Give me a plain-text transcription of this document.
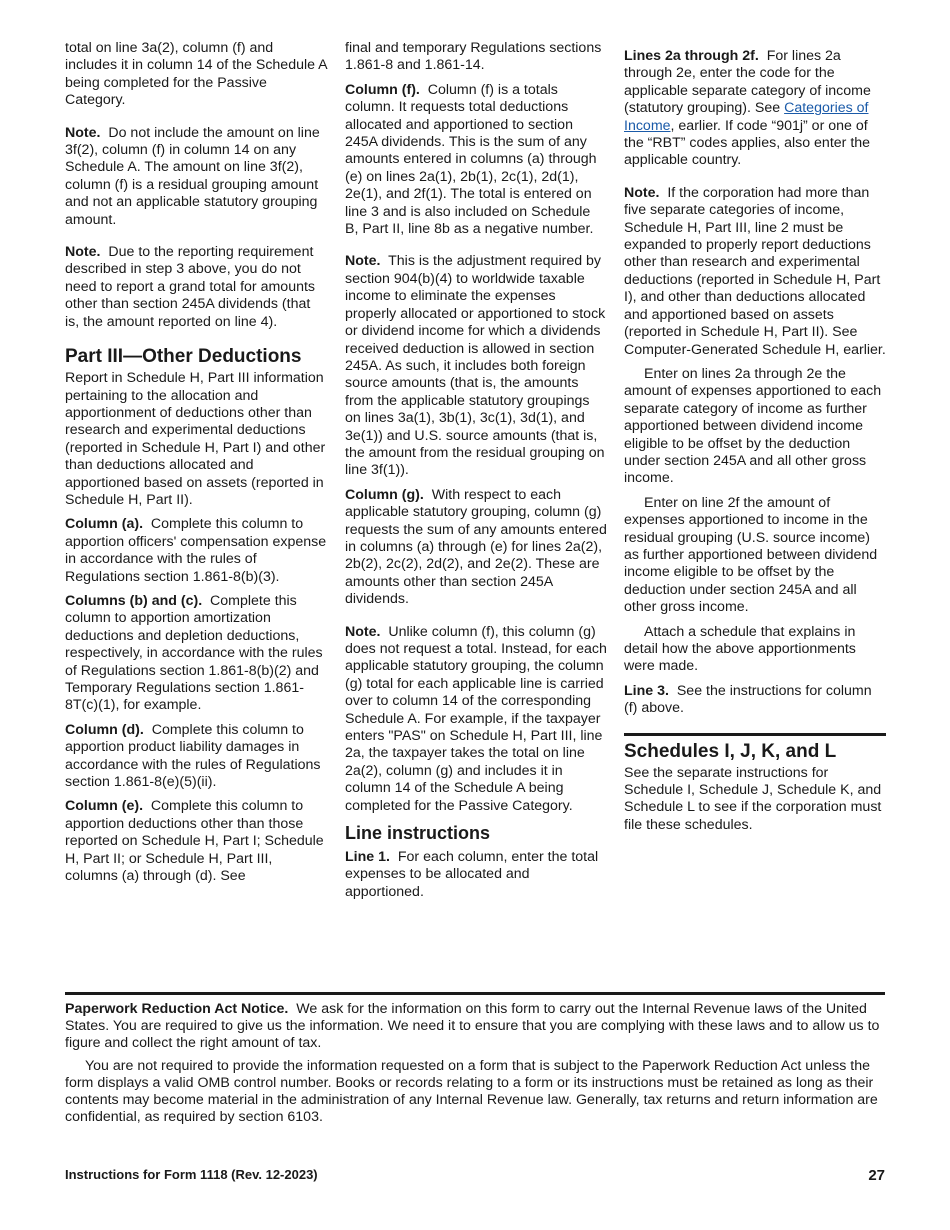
total on line 3a(2), column (f) and includes it in column 14 of the Schedule A being completed for the Passive Category.

Note. Do not include the amount on line 3f(2), column (f) in column 14 on any Schedule A. The amount on line 3f(2), column (f) is a residual grouping amount and not an applicable statutory grouping amount.

Note. Due to the reporting requirement described in step 3 above, you do not need to report a grand total for amounts other than section 245A dividends (that is, the amount reported on line 4).

Part III—Other Deductions

Report in Schedule H, Part III information pertaining to the allocation and apportionment of deductions other than research and experimental deductions (reported in Schedule H, Part I) and other than deductions allocated and apportioned based on assets (reported in Schedule H, Part II).

Column (a). Complete this column to apportion officers' compensation expense in accordance with the rules of Regulations section 1.861-8(b)(3).

Columns (b) and (c). Complete this column to apportion amortization deductions and depletion deductions, respectively, in accordance with the rules of Regulations section 1.861-8(b)(2) and Temporary Regulations section 1.861-8T(c)(1), for example.

Column (d). Complete this column to apportion product liability damages in accordance with the rules of Regulations section 1.861-8(e)(5)(ii).

Column (e). Complete this column to apportion deductions other than those reported on Schedule H, Part I; Schedule H, Part II; or Schedule H, Part III, columns (a) through (d). See

final and temporary Regulations sections 1.861-8 and 1.861-14.

Column (f). Column (f) is a totals column. It requests total deductions allocated and apportioned to section 245A dividends. This is the sum of any amounts entered in columns (a) through (e) on lines 2a(1), 2b(1), 2c(1), 2d(1), 2e(1), and 2f(1). The total is entered on line 3 and is also included on Schedule B, Part II, line 8b as a negative number.

Note. This is the adjustment required by section 904(b)(4) to worldwide taxable income to eliminate the expenses properly allocated or apportioned to stock or dividend income for which a dividends received deduction is allowed in section 245A. As such, it includes both foreign source amounts (that is, the amounts from the applicable statutory groupings on lines 3a(1), 3b(1), 3c(1), 3d(1), and 3e(1)) and U.S. source amounts (that is, the amount from the residual grouping on line 3f(1)).

Column (g). With respect to each applicable statutory grouping, column (g) requests the sum of any amounts entered in columns (a) through (e) for lines 2a(2), 2b(2), 2c(2), 2d(2), and 2e(2). These are amounts other than section 245A dividends.

Note. Unlike column (f), this column (g) does not request a total. Instead, for each applicable statutory grouping, the column (g) total for each applicable line is carried over to column 14 of the corresponding Schedule A. For example, if the taxpayer enters "PAS" on Schedule H, Part III, line 2a, the taxpayer takes the total on line 2a(2), column (g) and includes it in column 14 of the Schedule A being completed for the Passive Category.

Line instructions

Line 1. For each column, enter the total expenses to be allocated and apportioned.

Lines 2a through 2f. For lines 2a through 2e, enter the code for the applicable separate category of income (statutory grouping). See Categories of Income, earlier. If code “901j” or one of the “RBT” codes applies, also enter the applicable country.

Note. If the corporation had more than five separate categories of income, Schedule H, Part III, line 2 must be expanded to properly report deductions other than research and experimental deductions (reported in Schedule H, Part I), and other than deductions allocated and apportioned based on assets (reported in Schedule H, Part II). See Computer-Generated Schedule H, earlier.

Enter on lines 2a through 2e the amount of expenses apportioned to each separate category of income as further apportioned between dividend income eligible to be offset by the deduction under section 245A and all other gross income.

Enter on line 2f the amount of expenses apportioned to income in the residual grouping (U.S. source income) as further apportioned between dividend income eligible to be offset by the deduction under section 245A and all other gross income.

Attach a schedule that explains in detail how the above apportionments were made.

Line 3. See the instructions for column (f) above.

Schedules I, J, K, and L

See the separate instructions for Schedule I, Schedule J, Schedule K, and Schedule L to see if the corporation must file these schedules.

Paperwork Reduction Act Notice. We ask for the information on this form to carry out the Internal Revenue laws of the United States. You are required to give us the information. We need it to ensure that you are complying with these laws and to allow us to figure and collect the right amount of tax.

You are not required to provide the information requested on a form that is subject to the Paperwork Reduction Act unless the form displays a valid OMB control number. Books or records relating to a form or its instructions must be retained as long as their contents may become material in the administration of any Internal Revenue law. Generally, tax returns and return information are confidential, as required by section 6103.

Instructions for Form 1118 (Rev. 12-2023)	27
